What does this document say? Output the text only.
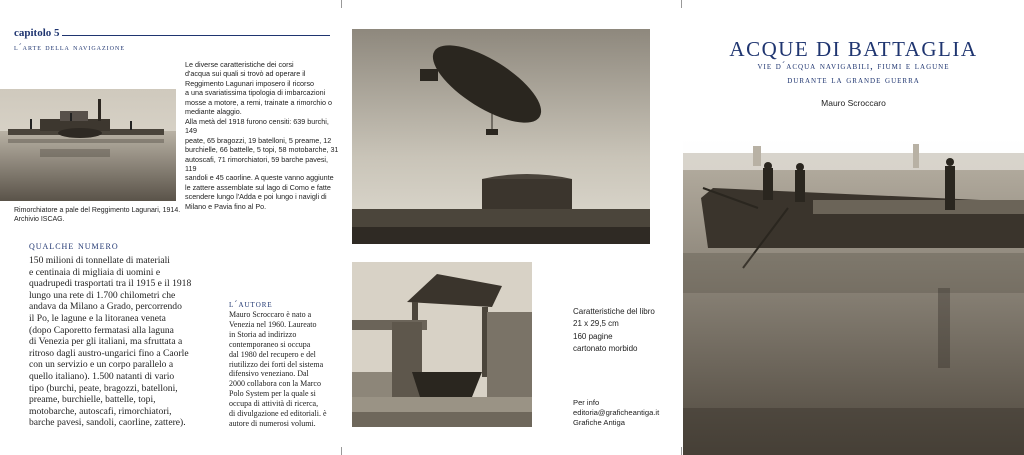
capitolo 5
l´arte della navigazione
Rimorchiatore a pale del Reggimento Lagunari, 1914.
Archivio ISCAG.
Le diverse caratteristiche dei corsi
d'acqua sui quali si trovò ad operare il
Reggimento Lagunari imposero il ricorso
a una svariatissima tipologia di imbarcazioni
mosse a motore, a remi, trainate a rimorchio o
mediante alaggio.
Alla metà del 1918 furono censiti: 639 burchi, 149
peate, 65 bragozzi, 19 batelloni, 5 preame, 12
burchielle, 66 battelle, 5 topi, 58 motobarche, 31
autoscafi, 71 rimorchiatori, 59 barche pavesi, 119
sandoli e 45 caorline. A queste vanno aggiunte
le zattere assemblate sul lago di Como e fatte
scendere lungo l'Adda e poi lungo i navigli di
Milano e Pavia fino al Po.
qualche numero
150 milioni di tonnellate di materiali
e centinaia di migliaia di uomini e
quadrupedi trasportati tra il 1915 e il 1918
lungo una rete di 1.700 chilometri che
andava da Milano a Grado, percorrendo
il Po, le lagune e la litoranea veneta
(dopo Caporetto fermatasi alla laguna
di Venezia per gli italiani, ma sfruttata a
ritroso dagli austro-ungarici fino a Caorle
con un servizio e un corpo parallelo a
quello italiano). 1.500 natanti di vario
tipo (burchi, peate, bragozzi, batelloni,
preame, burchielle, battelle, topi,
motobarche, autoscafi, rimorchiatori,
barche pavesi, sandoli, caorline, zattere).
l´autore
Mauro Scroccaro è nato a
Venezia nel 1960. Laureato
in Storia ad indirizzo
contemporaneo si occupa
dal 1980 del recupero e del
riutilizzo dei forti del sistema
difensivo veneziano. Dal
2000 collabora con la Marco
Polo System per la quale si
occupa di attività di ricerca,
di divulgazione ed editoriali. è
autore di numerosi volumi.
Caratteristiche del libro
21 x 29,5 cm
160 pagine
cartonato morbido
Per info
editoria@graficheantiga.it
Grafiche Antiga
ACQUE DI BATTAGLIA
vie d´acqua navigabili, fiumi e lagune
durante la grande guerra
Mauro Scroccaro
